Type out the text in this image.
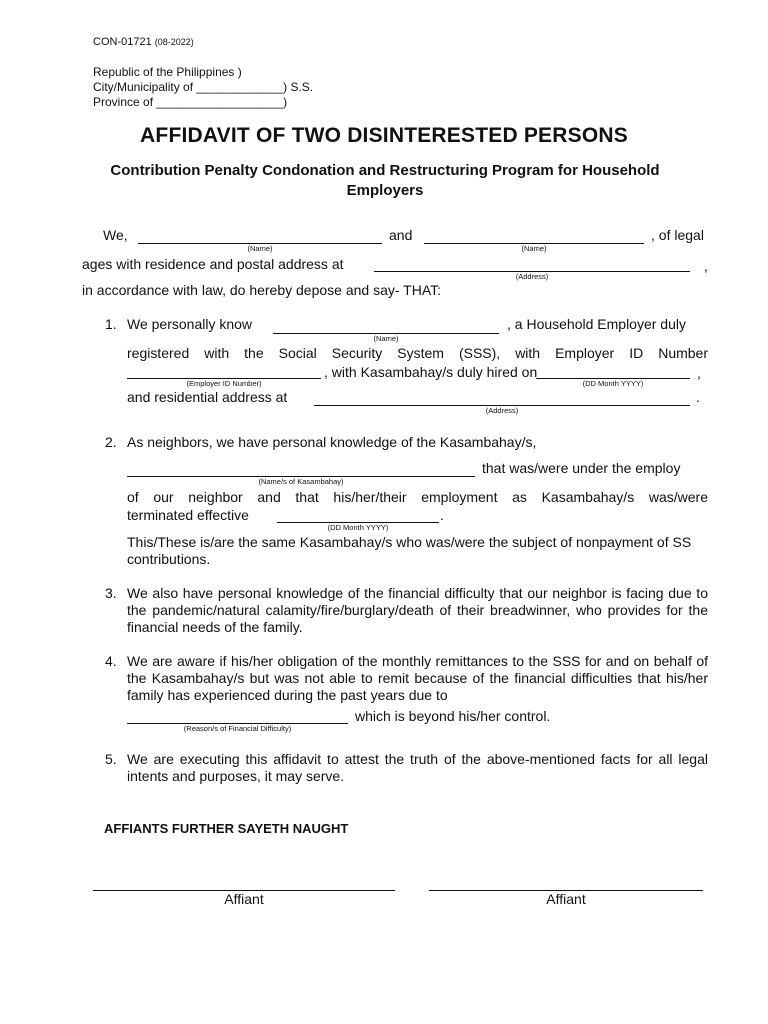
CON-01721 (08-2022)
Republic of the Philippines )
City/Municipality of _____________) S.S.
Province of ___________________)
AFFIDAVIT OF TWO DISINTERESTED PERSONS
Contribution Penalty Condonation and Restructuring Program for Household Employers
We,
(Name)
and
(Name)
, of legal
ages with residence and postal address at
(Address)
,
in accordance with law, do hereby depose and say- THAT:
1. We personally know
(Name)
, a Household Employer duly
registered with the Social Security System (SSS), with Employer ID Number
(Employer ID Number)
, with Kasambahay/s duly hired on
(DD Month YYYY)
,
and residential address at
(Address)
.
2. As neighbors, we have personal knowledge of the Kasambahay/s,
(Name/s of Kasambahay)
that was/were under the employ
of our neighbor and that his/her/their employment as Kasambahay/s was/were
terminated effective
(DD Month YYYY)
.
This/These is/are the same Kasambahay/s who was/were the subject of nonpayment of SS contributions.
3. We also have personal knowledge of the financial difficulty that our neighbor is facing due to the pandemic/natural calamity/fire/burglary/death of their breadwinner, who provides for the financial needs of the family.
4. We are aware if his/her obligation of the monthly remittances to the SSS for and on behalf of the Kasambahay/s but was not able to remit because of the financial difficulties that his/her family has experienced during the past years due to
(Reason/s of Financial Difficulty)
which is beyond his/her control.
5. We are executing this affidavit to attest the truth of the above-mentioned facts for all legal intents and purposes, it may serve.
AFFIANTS FURTHER SAYETH NAUGHT
Affiant	Affiant
